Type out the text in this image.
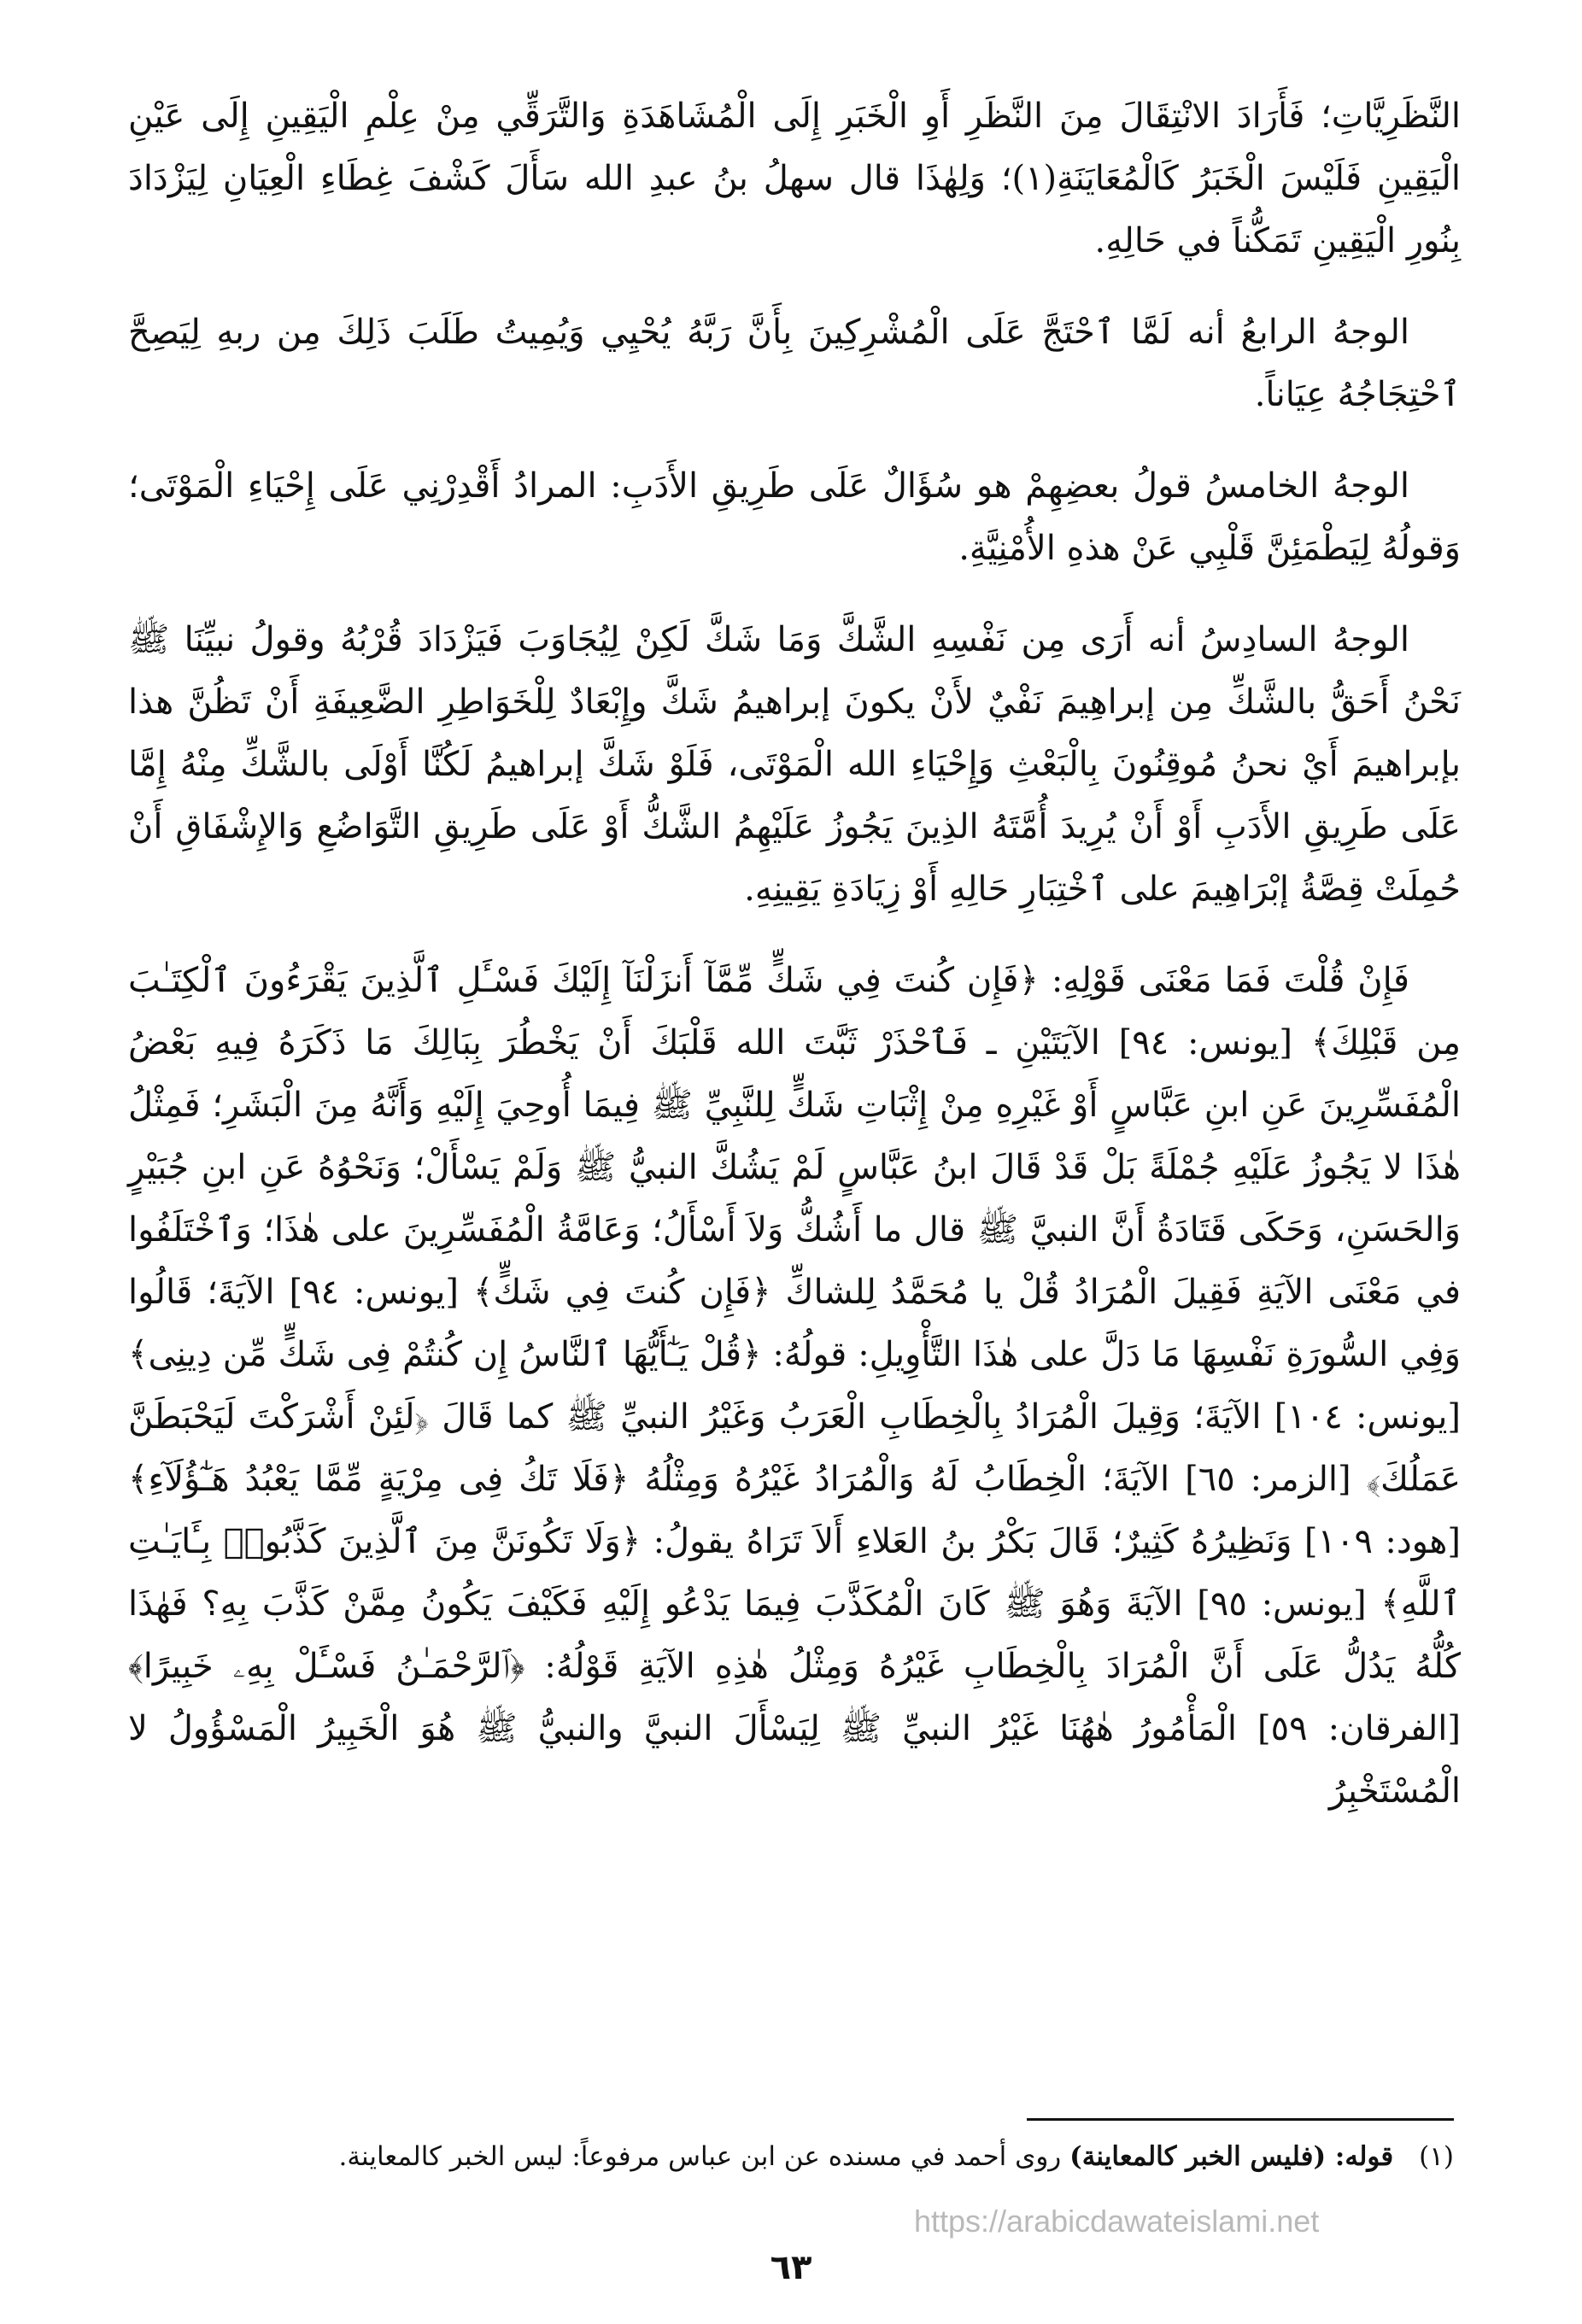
النَّظَرِيَّاتِ؛ فَأَرَادَ الانْتِقَالَ مِنَ النَّظَرِ أَوِ الْخَبَرِ إِلَى الْمُشَاهَدَةِ وَالتَّرَقِّي مِنْ عِلْمِ الْيَقِينِ إِلَى عَيْنِ الْيَقِينِ فَلَيْسَ الْخَبَرُ كَالْمُعَايَنَةِ(١)؛ وَلِهٰذَا قال سهلُ بنُ عبدِ الله سَأَلَ كَشْفَ غِطَاءِ الْعِيَانِ لِيَزْدَادَ بِنُورِ الْيَقِينِ تَمَكُّناً في حَالِهِ.

الوجهُ الرابعُ أنه لَمَّا ٱحْتَجَّ عَلَى الْمُشْرِكِينَ بِأَنَّ رَبَّهُ يُحْيِي وَيُمِيتُ طَلَبَ ذَلِكَ مِن ربهِ لِيَصِحَّ ٱحْتِجَاجُهُ عِيَاناً.

الوجهُ الخامسُ قولُ بعضِهِمْ هو سُؤَالٌ عَلَى طَرِيقِ الأَدَبِ: المرادُ أَقْدِرْنِي عَلَى إِحْيَاءِ الْمَوْتَى؛ وَقولُهُ لِيَطْمَئِنَّ قَلْبِي عَنْ هذهِ الأُمْنِيَّةِ.

الوجهُ السادِسُ أنه أَرَى مِن نَفْسِهِ الشَّكَّ وَمَا شَكَّ لَكِنْ لِيُجَاوَبَ فَيَزْدَادَ قُرْبُهُ وقولُ نبيِّنَا ﷺ نَحْنُ أَحَقُّ بالشَّكِّ مِن إبراهِيمَ نَفْيٌ لأَنْ يكونَ إبراهيمُ شَكَّ وإِبْعَادٌ لِلْخَوَاطِرِ الضَّعِيفَةِ أَنْ تَظُنَّ هذا بإبراهيمَ أَيْ نحنُ مُوقِنُونَ بِالْبَعْثِ وَإِحْيَاءِ الله الْمَوْتَى، فَلَوْ شَكَّ إبراهيمُ لَكُنَّا أَوْلَى بالشَّكِّ مِنْهُ إِمَّا عَلَى طَرِيقِ الأَدَبِ أَوْ أَنْ يُرِيدَ أُمَّتَهُ الذِينَ يَجُوزُ عَلَيْهِمُ الشَّكُّ أَوْ عَلَى طَرِيقِ التَّوَاضُعِ وَالإِشْفَاقِ أَنْ حُمِلَتْ قِصَّةُ إبْرَاهِيمَ على ٱخْتِبَارِ حَالِهِ أَوْ زِيَادَةِ يَقِينِهِ.

فَإِنْ قُلْتَ فَمَا مَعْنَى قَوْلِهِ: ﴿فَإِن كُنتَ فِي شَكٍّ مِّمَّآ أَنزَلْنَآ إِلَيْكَ فَسْـَٔلِ ٱلَّذِينَ يَقْرَءُونَ ٱلْكِتَـٰبَ مِن قَبْلِكَ﴾ [يونس: ٩٤] الآيَتَيْنِ ـ فَٱحْذَرْ ثَبَّتَ الله قَلْبَكَ أَنْ يَخْطُرَ بِبَالِكَ مَا ذَكَرَهُ فِيهِ بَعْضُ الْمُفَسِّرِينَ عَنِ ابنِ عَبَّاسٍ أَوْ غَيْرِهِ مِنْ إِثْبَاتِ شَكٍّ لِلنَّبِيِّ ﷺ فِيمَا أُوحِيَ إِلَيْهِ وَأَنَّهُ مِنَ الْبَشَرِ؛ فَمِثْلُ هٰذَا لا يَجُوزُ عَلَيْهِ جُمْلَةً بَلْ قَدْ قَالَ ابنُ عَبَّاسٍ لَمْ يَشُكَّ النبيُّ ﷺ وَلَمْ يَسْأَلْ؛ وَنَحْوُهُ عَنِ ابنِ جُبَيْرٍ وَالحَسَنِ، وَحَكَى قَتَادَةُ أَنَّ النبيَّ ﷺ قال ما أَشُكُّ وَلاَ أَسْأَلُ؛ وَعَامَّةُ الْمُفَسِّرِينَ على هٰذَا؛ وَٱخْتَلَفُوا في مَعْنَى الآيَةِ فَقِيلَ الْمُرَادُ قُلْ يا مُحَمَّدُ لِلشاكِّ ﴿فَإِن كُنتَ فِي شَكٍّ﴾ [يونس: ٩٤] الآيَةَ؛ قَالُوا وَفِي السُّورَةِ نَفْسِهَا مَا دَلَّ على هٰذَا التَّأْوِيلِ: قولُهُ: ﴿قُلْ يَـٰٓأَيُّهَا ٱلنَّاسُ إِن كُنتُمْ فِى شَكٍّ مِّن دِينِى﴾ [يونس: ١٠٤] الآيَةَ؛ وَقِيلَ الْمُرَادُ بِالْخِطَابِ الْعَرَبُ وَغَيْرُ النبيِّ ﷺ كما قَالَ ﴿لَئِنْ أَشْرَكْتَ لَيَحْبَطَنَّ عَمَلُكَ﴾ [الزمر: ٦٥] الآيَةَ؛ الْخِطَابُ لَهُ وَالْمُرَادُ غَيْرُهُ وَمِثْلُهُ ﴿فَلَا تَكُ فِى مِرْيَةٍ مِّمَّا يَعْبُدُ هَـٰٓؤُلَآءِ﴾ [هود: ١٠٩] وَنَظِيرُهُ كَثِيرٌ؛ قَالَ بَكْرُ بنُ العَلاءِ أَلاَ تَرَاهُ يقولُ: ﴿وَلَا تَكُونَنَّ مِنَ ٱلَّذِينَ كَذَّبُوا۟ بِـَٔايَـٰتِ ٱللَّهِ﴾ [يونس: ٩٥] الآيَةَ وَهُوَ ﷺ كَانَ الْمُكَذَّبَ فِيمَا يَدْعُو إِلَيْهِ فَكَيْفَ يَكُونُ مِمَّنْ كَذَّبَ بِهِ؟ فَهٰذَا كُلُّهُ يَدُلُّ عَلَى أَنَّ الْمُرَادَ بِالْخِطَابِ غَيْرُهُ وَمِثْلُ هٰذِهِ الآيَةِ قَوْلُهُ: ﴿ٱلرَّحْمَـٰنُ فَسْـَٔلْ بِهِۦ خَبِيرًا﴾ [الفرقان: ٥٩] الْمَأْمُورُ هٰهُنَا غَيْرُ النبيِّ ﷺ لِيَسْأَلَ النبيَّ والنبيُّ ﷺ هُوَ الْخَبِيرُ الْمَسْؤُولُ لا الْمُسْتَخْبِرُ

(١) قوله: (فليس الخبر كالمعاينة) روى أحمد في مسنده عن ابن عباس مرفوعاً: ليس الخبر كالمعاينة.
https://arabicdawateislami.net
٦٣
